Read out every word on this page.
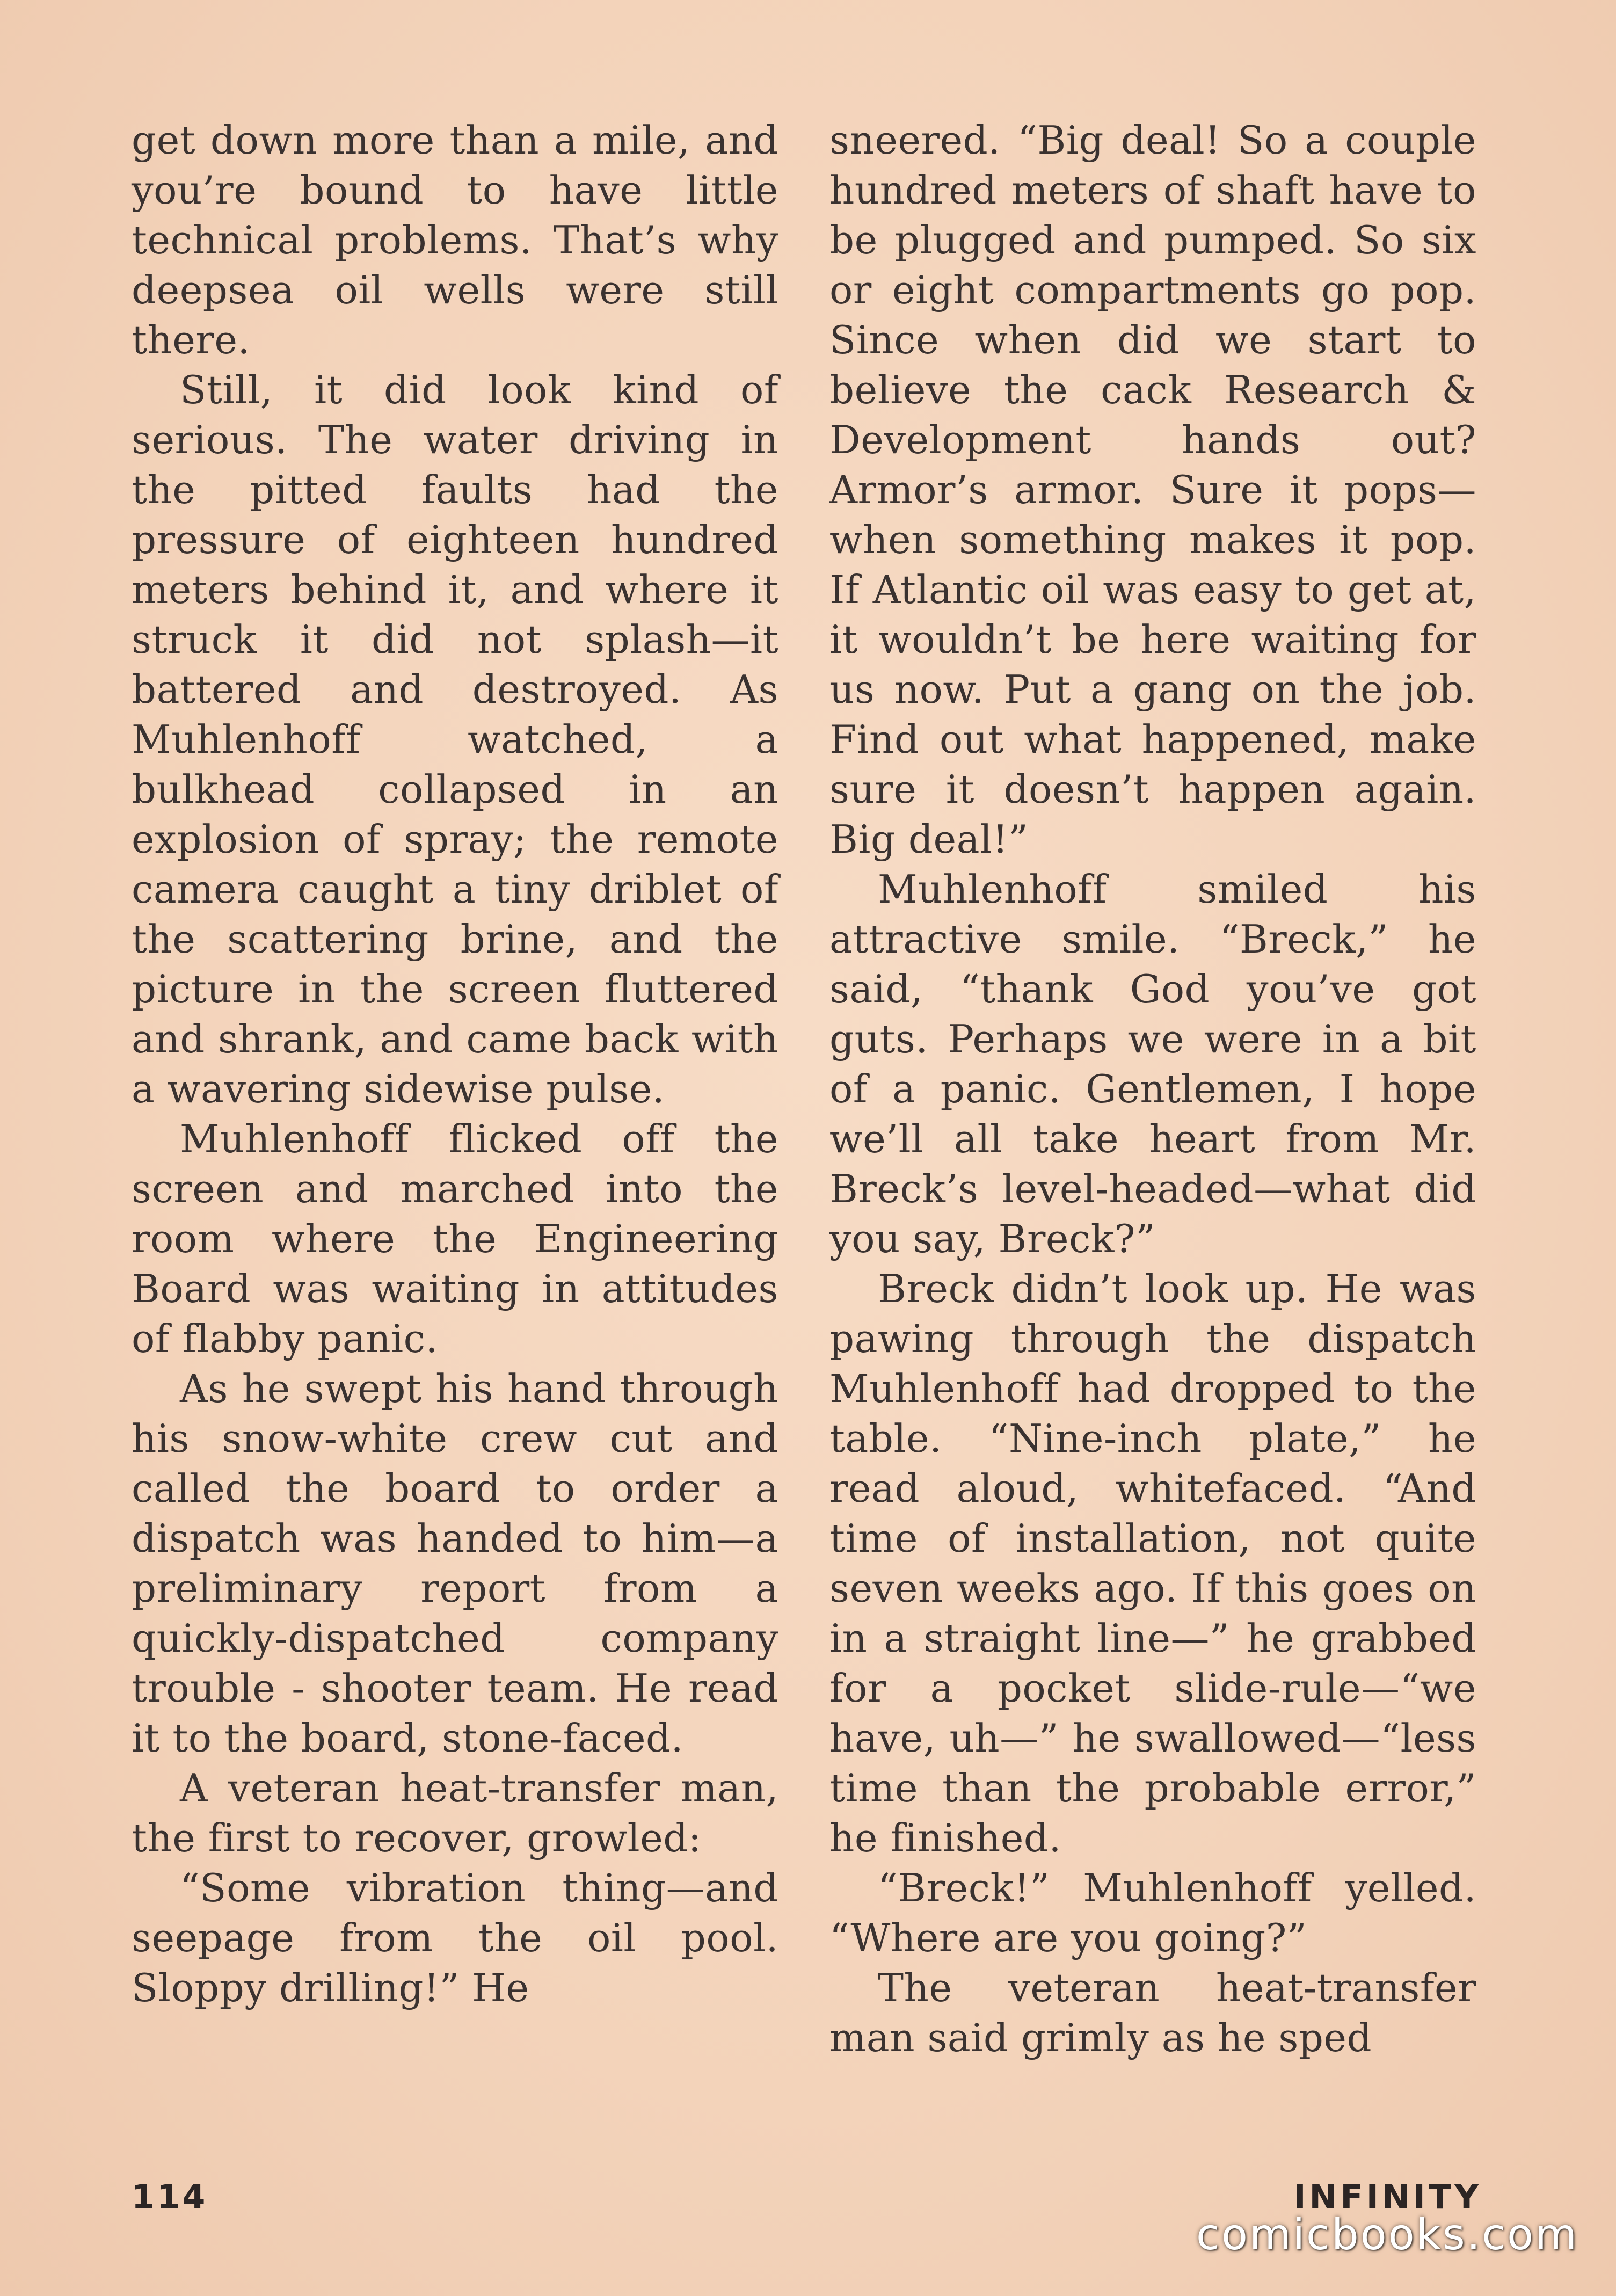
get down more than a mile, and you’re bound to have little technical problems. That’s why deepsea oil wells were still there.

Still, it did look kind of serious. The water driving in the pitted faults had the pressure of eighteen hundred meters behind it, and where it struck it did not splash—it battered and destroyed. As Muhlenhoff watched, a bulkhead collapsed in an explosion of spray; the remote camera caught a tiny driblet of the scattering brine, and the picture in the screen fluttered and shrank, and came back with a wavering sidewise pulse.

Muhlenhoff flicked off the screen and marched into the room where the Engineering Board was waiting in attitudes of flabby panic.

As he swept his hand through his snow-white crew cut and called the board to order a dispatch was handed to him—a preliminary report from a quickly-dispatched company trouble - shooter team. He read it to the board, stone-faced.

A veteran heat-transfer man, the first to recover, growled:

“Some vibration thing—and seepage from the oil pool. Sloppy drilling!” He

sneered. “Big deal! So a couple hundred meters of shaft have to be plugged and pumped. So six or eight compartments go pop. Since when did we start to believe the cack Research & Development hands out? Armor’s armor. Sure it pops—when something makes it pop. If Atlantic oil was easy to get at, it wouldn’t be here waiting for us now. Put a gang on the job. Find out what happened, make sure it doesn’t happen again. Big deal!”

Muhlenhoff smiled his attractive smile. “Breck,” he said, “thank God you’ve got guts. Perhaps we were in a bit of a panic. Gentlemen, I hope we’ll all take heart from Mr. Breck’s level-headed—what did you say, Breck?”

Breck didn’t look up. He was pawing through the dispatch Muhlenhoff had dropped to the table. “Nine-inch plate,” he read aloud, whitefaced. “And time of installation, not quite seven weeks ago. If this goes on in a straight line—” he grabbed for a pocket slide-rule—“we have, uh—” he swallowed—“less time than the probable error,” he finished.

“Breck!” Muhlenhoff yelled. “Where are you going?”

The veteran heat-transfer man said grimly as he sped

114	INFINITY
comicbooks.com
